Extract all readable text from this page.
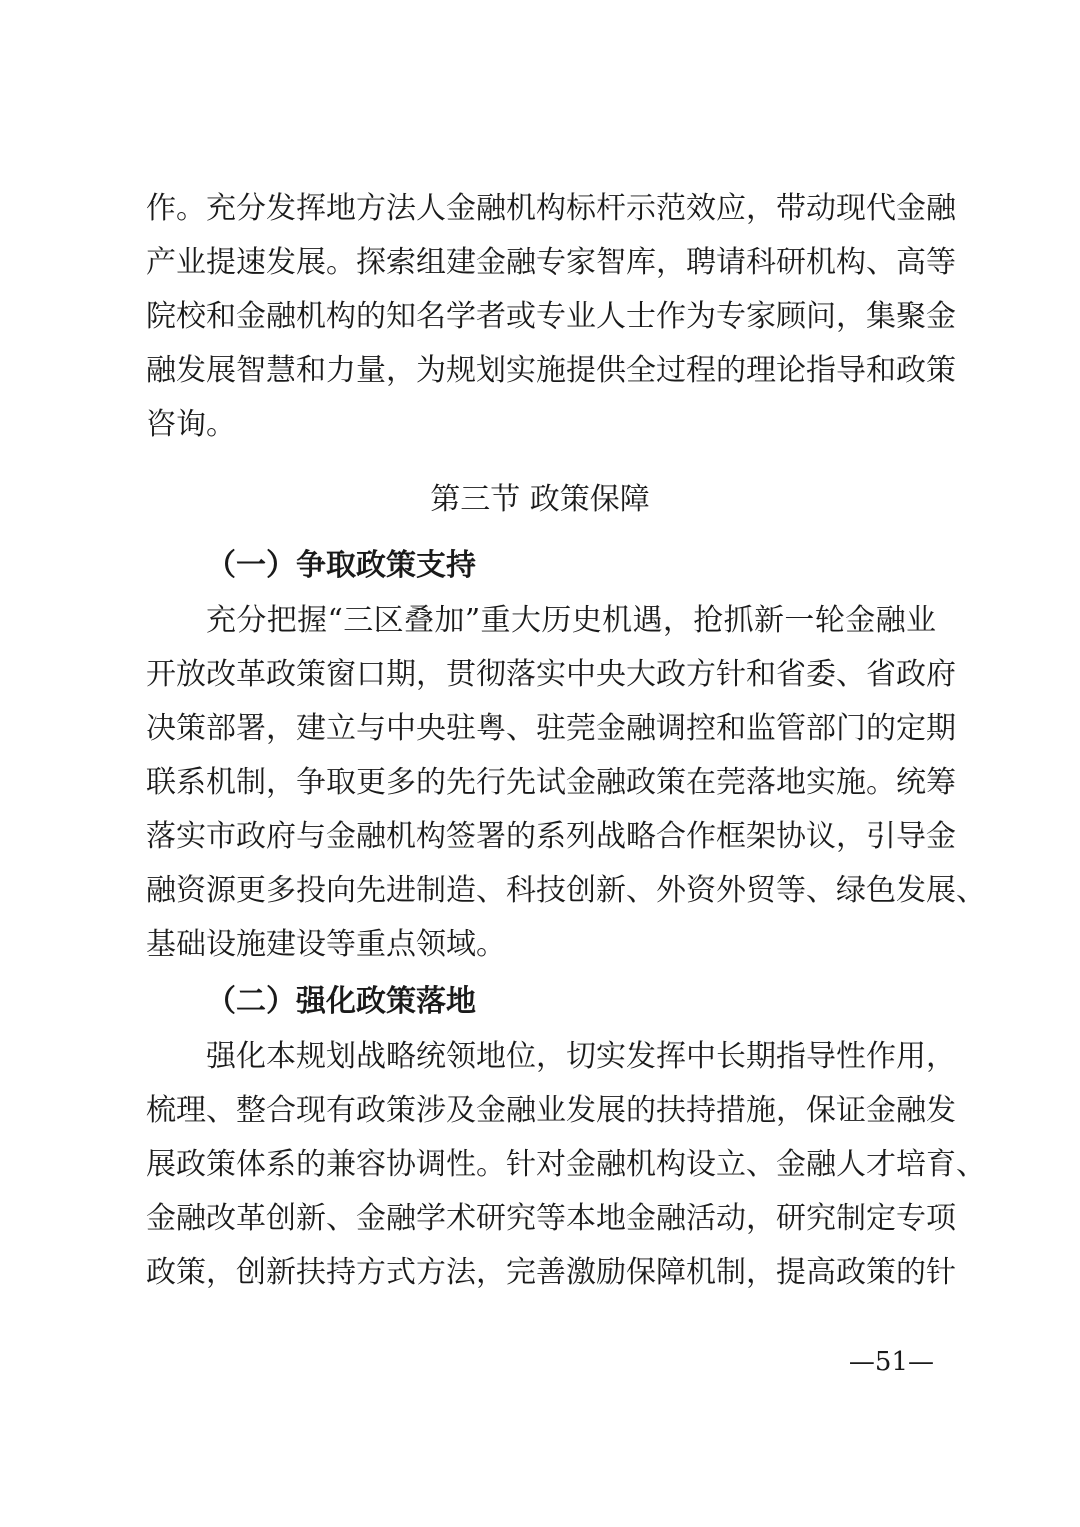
作。充分发挥地方法人金融机构标杆示范效应，带动现代金融
产业提速发展。探索组建金融专家智库，聘请科研机构、高等
院校和金融机构的知名学者或专业人士作为专家顾问，集聚金
融发展智慧和力量，为规划实施提供全过程的理论指导和政策
咨询。
第三节 政策保障
（一）争取政策支持
充分把握“三区叠加”重大历史机遇，抢抓新一轮金融业
开放改革政策窗口期，贯彻落实中央大政方针和省委、省政府
决策部署，建立与中央驻粤、驻莞金融调控和监管部门的定期
联系机制，争取更多的先行先试金融政策在莞落地实施。统筹
落实市政府与金融机构签署的系列战略合作框架协议，引导金
融资源更多投向先进制造、科技创新、外资外贸等、绿色发展、
基础设施建设等重点领域。
（二）强化政策落地
强化本规划战略统领地位，切实发挥中长期指导性作用，
梳理、整合现有政策涉及金融业发展的扶持措施，保证金融发
展政策体系的兼容协调性。针对金融机构设立、金融人才培育、
金融改革创新、金融学术研究等本地金融活动，研究制定专项
政策，创新扶持方式方法，完善激励保障机制，提高政策的针
—51—
